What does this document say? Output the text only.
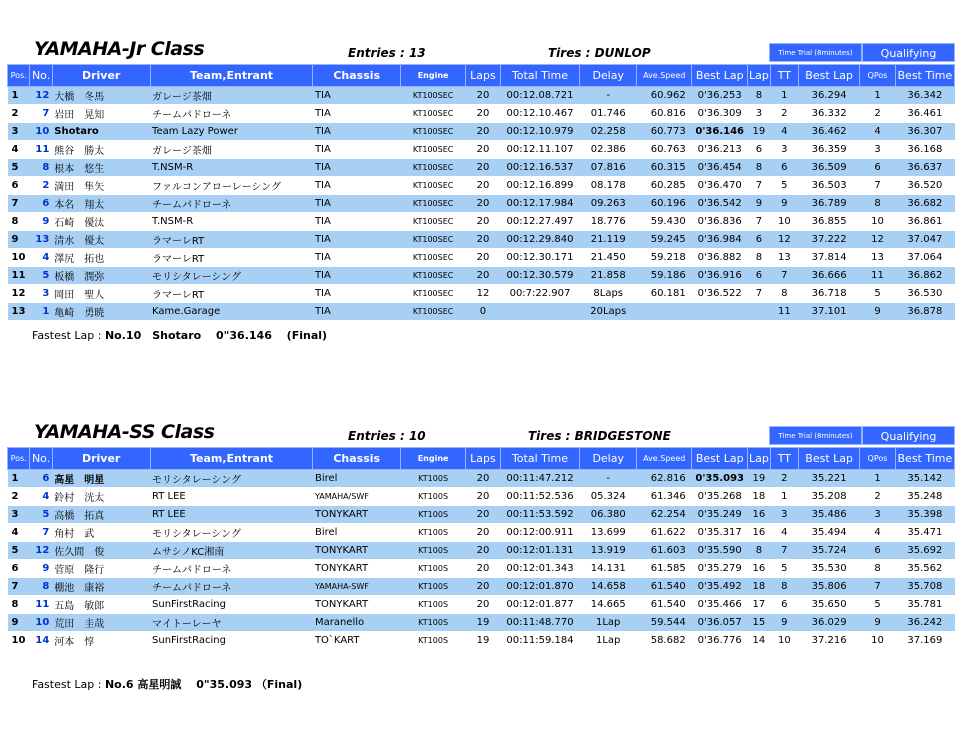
YAMAHA-Jr Class	Entries : 13	Tires : DUNLOP	Time Trial (8minutes)	Qualifying
Pos.	No.	Driver	Team,Entrant	Chassis	Engine	Laps	Total Time	Delay	Ave.Speed	Best Lap	Lap	TT	Best Lap	QPos	Best Time
1	12	大橋　冬馬	ガレージ茶畑	TIA	KT100SEC	20	00:12.08.721	-	60.962	0'36.253	8	1	36.294	1	36.342
2	7	岩田　晃知	チームパドローネ	TIA	KT100SEC	20	00:12.10.467	01.746	60.816	0'36.309	3	2	36.332	2	36.461
3	10	Shotaro	Team Lazy Power	TIA	KT100SEC	20	00:12.10.979	02.258	60.773	0'36.146	19	4	36.462	4	36.307
4	11	熊谷　勝太	ガレージ茶畑	TIA	KT100SEC	20	00:12.11.107	02.386	60.763	0'36.213	6	3	36.359	3	36.168
5	8	根本　悠生	T.NSM-R	TIA	KT100SEC	20	00:12.16.537	07.816	60.315	0'36.454	8	6	36.509	6	36.637
6	2	満田　隼矢	ファルコンアローレーシング	TIA	KT100SEC	20	00:12.16.899	08.178	60.285	0'36.470	7	5	36.503	7	36.520
7	6	本名　翔太	チームパドローネ	TIA	KT100SEC	20	00:12.17.984	09.263	60.196	0'36.542	9	9	36.789	8	36.682
8	9	石崎　優汰	T.NSM-R	TIA	KT100SEC	20	00:12.27.497	18.776	59.430	0'36.836	7	10	36.855	10	36.861
9	13	清水　優太	ラマーレRT	TIA	KT100SEC	20	00:12.29.840	21.119	59.245	0'36.984	6	12	37.222	12	37.047
10	4	澤尻　拓也	ラマーレRT	TIA	KT100SEC	20	00:12.30.171	21.450	59.218	0'36.882	8	13	37.814	13	37.064
11	5	板橋　潤弥	モリシタレーシング	TIA	KT100SEC	20	00:12.30.579	21.858	59.186	0'36.916	6	7	36.666	11	36.862
12	3	岡田　聖人	ラマーレRT	TIA	KT100SEC	12	00:7:22.907	8Laps	60.181	0'36.522	7	8	36.718	5	36.530
13	1	亀崎　勇暁	Kame.Garage	TIA	KT100SEC	0		20Laps				11	37.101	9	36.878
Fastest Lap : No.10　Shotaro　 0"36.146 　(Final)
YAMAHA-SS Class	Entries : 10	Tires : BRIDGESTONE	Time Trial (8minutes)	Qualifying
Pos.	No.	Driver	Team,Entrant	Chassis	Engine	Laps	Total Time	Delay	Ave.Speed	Best Lap	Lap	TT	Best Lap	QPos	Best Time
1	6	高星　明星	モリシタレーシング	Birel	KT100S	20	00:11:47.212	-	62.816	0'35.093	19	2	35.221	1	35.142
2	4	鈴村　洸太	RT LEE	YAMAHA/SWF	KT100S	20	00:11:52.536	05.324	61.346	0'35.268	18	1	35.208	2	35.248
3	5	高橋　拓真	RT LEE	TONYKART	KT100S	20	00:11:53.592	06.380	62.254	0'35.249	16	3	35.486	3	35.398
4	7	角村　武	モリシタレーシング	Birel	KT100S	20	00:12:00.911	13.699	61.622	0'35.317	16	4	35.494	4	35.471
5	12	佐久間　俊	ムサシノKC湘南	TONYKART	KT100S	20	00:12:01.131	13.919	61.603	0'35.590	8	7	35.724	6	35.692
6	9	菅原　隆行	チームパドローネ	TONYKART	KT100S	20	00:12:01.343	14.131	61.585	0'35.279	16	5	35.530	8	35.562
7	8	棚池　康裕	チームパドローネ	YAMAHA-SWF	KT100S	20	00:12:01.870	14.658	61.540	0'35.492	18	8	35.806	7	35.708
8	11	五島　敏郎	SunFirstRacing	TONYKART	KT100S	20	00:12:01.877	14.665	61.540	0'35.466	17	6	35.650	5	35.781
9	10	荒田　圭哉	マイトーレーヤ	Maranello	KT100S	19	00:11:48.770	1Lap	59.544	0'36.057	15	9	36.029	9	36.242
10	14	河本　惇	SunFirstRacing	TO`KART	KT100S	19	00:11:59.184	1Lap	58.682	0'36.776	14	10	37.216	10	37.169
Fastest Lap : No.6 高星明誠　 0"35.093 （Final)
